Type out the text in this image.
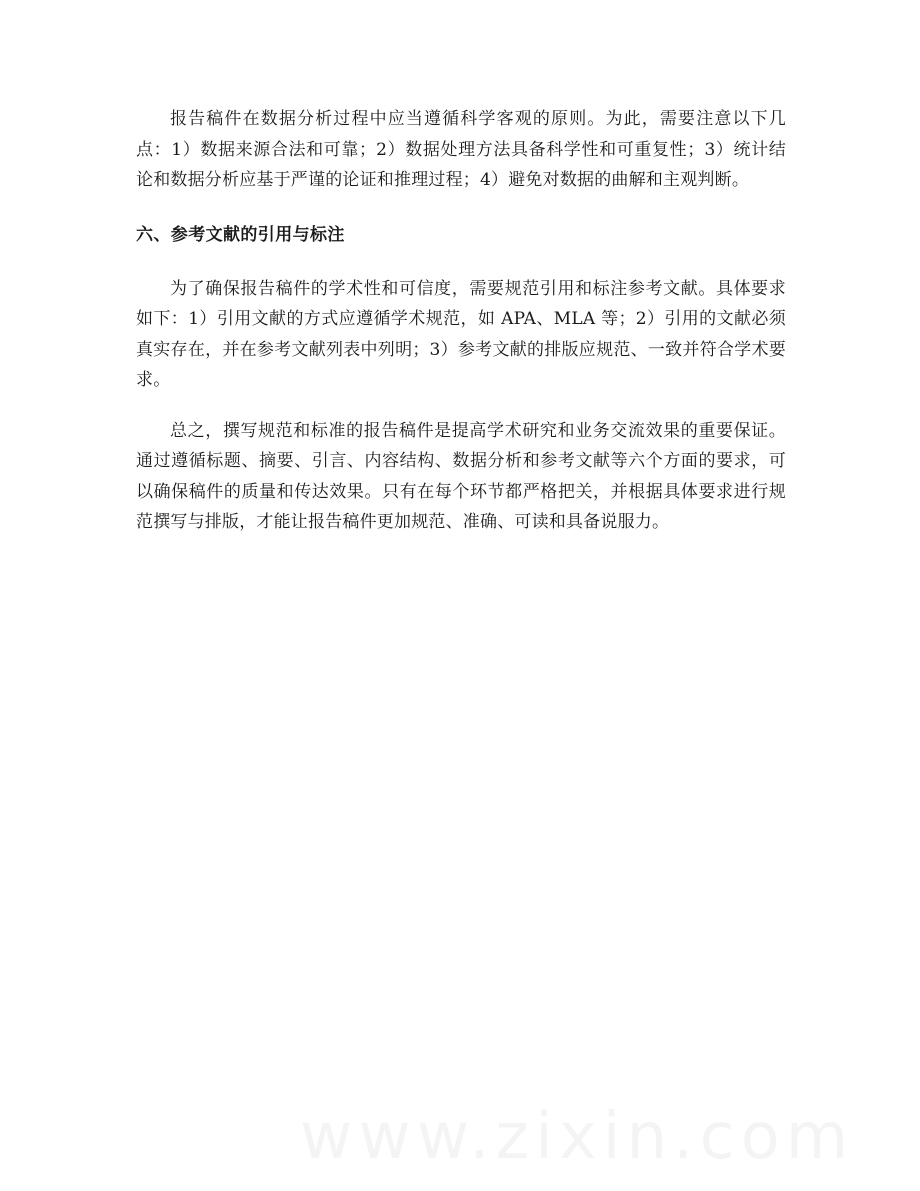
报告稿件在数据分析过程中应当遵循科学客观的原则。为此，需要注意以下几点：1）数据来源合法和可靠；2）数据处理方法具备科学性和可重复性；3）统计结论和数据分析应基于严谨的论证和推理过程；4）避免对数据的曲解和主观判断。

六、参考文献的引用与标注

为了确保报告稿件的学术性和可信度，需要规范引用和标注参考文献。具体要求如下：1）引用文献的方式应遵循学术规范，如 APA、MLA 等；2）引用的文献必须真实存在，并在参考文献列表中列明；3）参考文献的排版应规范、一致并符合学术要求。

总之，撰写规范和标准的报告稿件是提高学术研究和业务交流效果的重要保证。通过遵循标题、摘要、引言、内容结构、数据分析和参考文献等六个方面的要求，可以确保稿件的质量和传达效果。只有在每个环节都严格把关，并根据具体要求进行规范撰写与排版，才能让报告稿件更加规范、准确、可读和具备说服力。
